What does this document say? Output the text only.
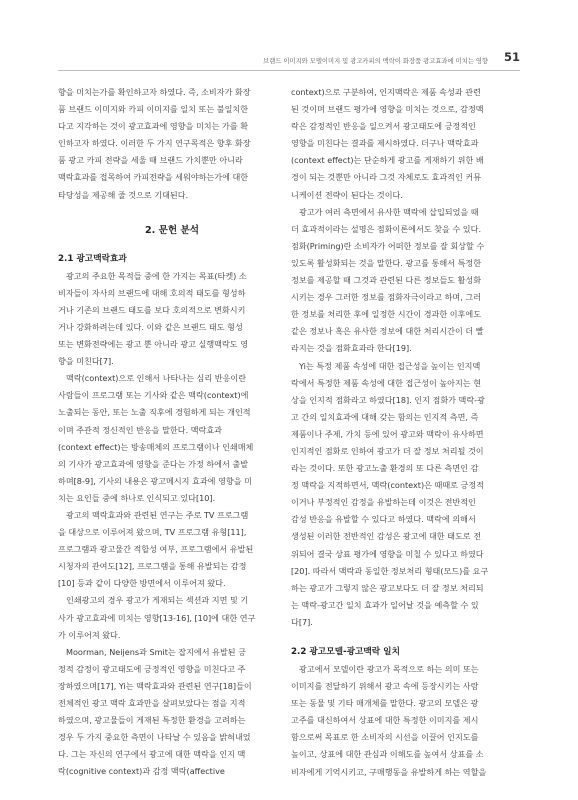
브랜드 이미지와 모델이미지 및 광고카피의 맥락이 화장품 광고효과에 미치는 영향 51

향을 미치는가를 확인하고자 하였다. 즉, 소비자가 화장
품 브랜드 이미지와 카피 이미지를 일치 또는 불일치한
다고 지각하는 것이 광고효과에 영향을 미치는 가를 확
인하고자 하였다. 이러한 두 가지 연구목적은 향후 화장
품 광고 카피 전략을 세울 때 브랜드 가치뿐만 아니라
맥락효과를 접목하여 카피전략을 세워야하는가에 대한
타당성을 제공해 줄 것으로 기대된다.

2. 문헌 분석
2.1 광고맥락효과

광고의 주요한 목적들 중에 한 가지는 목표(타켓) 소
비자들이 자사의 브랜드에 대해 호의적 태도를 형성하
거나 기존의 브랜드 태도를 보다 호의적으로 변화시키
거나 강화하려는데 있다. 이와 같은 브랜드 태도 형성
또는 변화전략에는 광고 뿐 아니라 광고 실행맥락도 영
향을 미친다[7].

맥락(context)으로 인해서 나타나는 심리 반응이란
사람들이 프로그램 또는 기사와 같은 맥락(context)에
노출되는 동안, 또는 노출 직후에 경험하게 되는 개인적
이며 주관적 정신적인 반응을 말한다. 맥락효과
(context effect)는 방송매체의 프로그램이나 인쇄매체
의 기사가 광고효과에 영향을 준다는 가정 하에서 출발
하며[8-9], 기사의 내용은 광고메시지 효과에 영향을 미
치는 요인들 중에 하나로 인식되고 있다[10].

광고의 맥락효과와 관련된 연구는 주로 TV 프로그램
을 대상으로 이루어져 왔으며, TV 프로그램 유형[11],
프로그램과 광고물간 적합성 여부, 프로그램에서 유발된
시청자의 관여도[12], 프로그램을 통해 유발되는 감정
[10] 등과 같이 다양한 방면에서 이루어져 왔다.

인쇄광고의 경우 광고가 게재되는 섹션과 지면 및 기
사가 광고효과에 미치는 영향[13-16], [10]에 대한 연구
가 이루어져 왔다.

Moorman, Neijens과 Smit는 잡지에서 유발된 긍
정적 감정이 광고태도에 긍정적인 영향을 미친다고 주
장하였으며[17], Yi는 맥락효과와 관련된 연구[18]들이
전체적인 광고 맥락 효과만을 살펴보았다는 점을 지적
하였으며, 광고물들이 게재된 특정한 환경을 고려하는
경우 두 가지 중요한 측면이 나타날 수 있음을 밝혀내었
다. 그는 자신의 연구에서 광고에 대한 맥락을 인지 맥
락(cognitive context)과 감정 맥락(affective

context)으로 구분하여, 인지맥락은 제품 속성과 관련
된 것이며 브랜드 평가에 영향을 미치는 것으로, 감정맥
락은 감정적인 반응을 일으켜서 광고태도에 긍정적인
영향을 미친다는 결과를 제시하였다. 더구나 맥락효과
(context effect)는 단순하게 광고를 게재하기 위한 배
경이 되는 것뿐만 아니라 그것 자체로도 효과적인 커뮤
니케이션 전략이 된다는 것이다.

광고가 여러 측면에서 유사한 맥락에 삽입되었을 때
더 효과적이라는 설명은 점화이론에서도 찾을 수 있다.
점화(Priming)란 소비자가 어떠한 정보를 잘 회상할 수
있도록 활성화되는 것을 말한다. 광고를 통해서 특정한
정보를 제공할 때 그것과 관련된 다른 정보들도 활성화
시키는 경우 그러한 정보를 점화자극이라고 하며, 그러
한 정보를 처리한 후에 일정한 시간이 경과한 이후에도
같은 정보나 혹은 유사한 정보에 대한 처리시간이 더 빨
라지는 것을 점화효과라 한다[19].

Yi는 특정 제품 속성에 대한 접근성을 높이는 인지맥
락에서 특정한 제품 속성에 대한 접근성이 높아지는 현
상을 인지적 점화라고 하였다[18]. 인지 점화가 맥락-광
고 간의 일치효과에 대해 갖는 함의는 인지적 측면, 즉
제품이나 주제, 가치 등에 있어 광고와 맥락이 유사하면
인지적인 점화로 인하여 광고가 더 잘 정보 처리될 것이
라는 것이다. 또한 광고노출 환경의 또 다른 측면인 감
정 맥락을 지적하면서, 맥락(context)은 때때로 긍정적
이거나 부정적인 감정을 유발하는데 이것은 전반적인
감성 반응을 유발할 수 있다고 하였다. 맥락에 의해서
생성된 이러한 전반적인 감성은 광고에 대한 태도로 전
위되어 결국 상표 평가에 영향을 미칠 수 있다고 하였다
[20]. 따라서 맥락과 동일한 정보처리 형태(모드)를 요구
하는 광고가 그렇지 않은 광고보다도 더 잘 정보 처리되
는 맥락-광고간 일치 효과가 일어날 것을 예측할 수 있
다[7].

2.2 광고모델-광고맥락 일치

광고에서 모델이란 광고가 목적으로 하는 의미 또는
이미지를 전달하기 위해서 광고 속에 등장시키는 사람
또는 동물 및 기타 매개체를 말한다. 광고의 모델은 광
고주를 대신하여서 상표에 대한 특정한 이미지를 제시
함으로써 목표로 한 소비자의 시선을 이끌어 인지도를
높이고, 상표에 대한 관심과 이해도를 높여서 상표를 소
비자에게 기억시키고, 구매행동을 유발하게 하는 역할을
